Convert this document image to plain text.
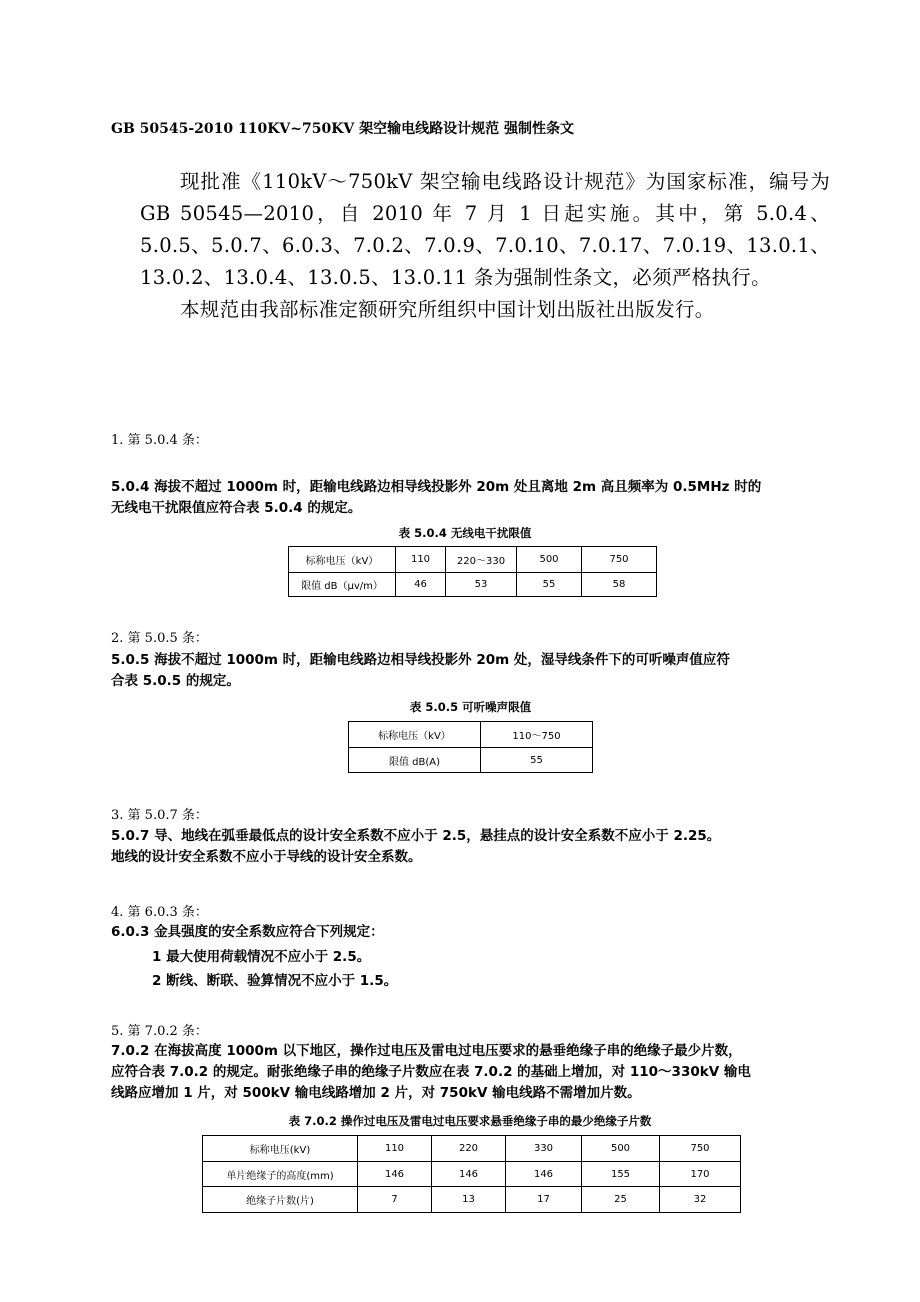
GB 50545-2010 110KV~750KV 架空输电线路设计规范 强制性条文

现批准《110kV～750kV 架空输电线路设计规范》为国家标准，编号为 GB 50545—2010，自 2010 年 7 月 1 日起实施。其中，第 5.0.4、5.0.5、5.0.7、6.0.3、7.0.2、7.0.9、7.0.10、7.0.17、7.0.19、13.0.1、13.0.2、13.0.4、13.0.5、13.0.11 条为强制性条文，必须严格执行。

本规范由我部标准定额研究所组织中国计划出版社出版发行。

1. 第 5.0.4 条：

5.0.4 海拔不超过 1000m 时，距输电线路边相导线投影外 20m 处且离地 2m 高且频率为 0.5MHz 时的

无线电干扰限值应符合表 5.0.4 的规定。

表 5.0.4 无线电干扰限值
标称电压（kV）	110	220～330	500	750
限值 dB（μv/m）	46	53	55	58
2. 第 5.0.5 条：

5.0.5 海拔不超过 1000m 时，距输电线路边相导线投影外 20m 处，湿导线条件下的可听噪声值应符

合表 5.0.5 的规定。

表 5.0.5 可听噪声限值
标称电压（kV）	110～750
限值 dB(A)	55
3. 第 5.0.7 条：

5.0.7 导、地线在弧垂最低点的设计安全系数不应小于 2.5，悬挂点的设计安全系数不应小于 2.25。

地线的设计安全系数不应小于导线的设计安全系数。

4. 第 6.0.3 条：

6.0.3 金具强度的安全系数应符合下列规定：

1 最大使用荷载情况不应小于 2.5。
2 断线、断联、验算情况不应小于 1.5。
5. 第 7.0.2 条：

7.0.2 在海拔高度 1000m 以下地区，操作过电压及雷电过电压要求的悬垂绝缘子串的绝缘子最少片数，

应符合表 7.0.2 的规定。耐张绝缘子串的绝缘子片数应在表 7.0.2 的基础上增加，对 110～330kV 输电

线路应增加 1 片，对 500kV 输电线路增加 2 片，对 750kV 输电线路不需增加片数。

表 7.0.2 操作过电压及雷电过电压要求悬垂绝缘子串的最少绝缘子片数
标称电压(kV)	110	220	330	500	750
单片绝缘子的高度(mm)	146	146	146	155	170
绝缘子片数(片)	7	13	17	25	32
